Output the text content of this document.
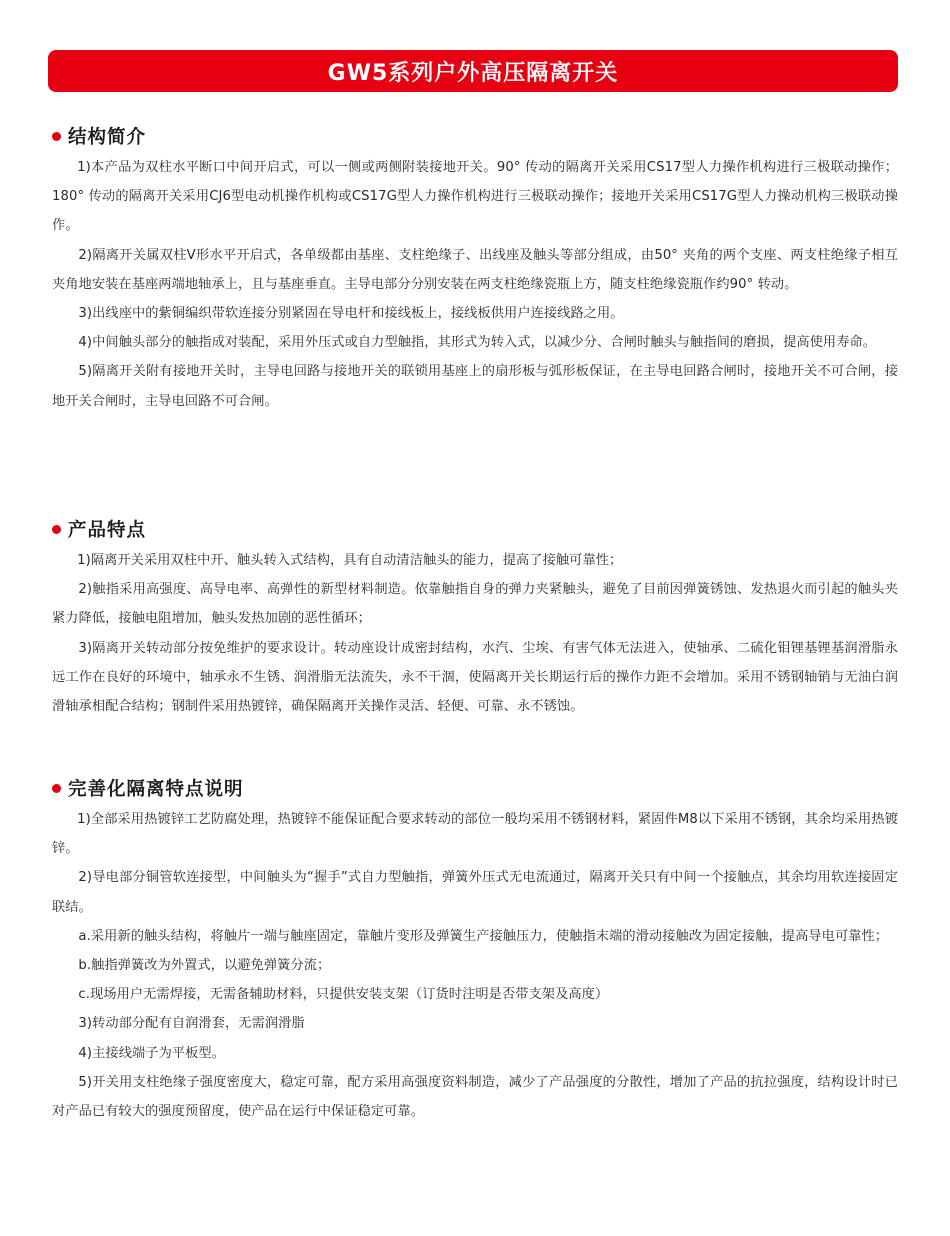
GW5系列户外高压隔离开关
结构简介

1)本产品为双柱水平断口中间开启式，可以一侧或两侧附装接地开关。90° 传动的隔离开关采用CS17型人力操作机构进行三极联动操作；180° 传动的隔离开关采用CJ6型电动机操作机构或CS17G型人力操作机构进行三极联动操作；接地开关采用CS17G型人力操动机构三极联动操作。

2)隔离开关属双柱V形水平开启式，各单级都由基座、支柱绝缘子、出线座及触头等部分组成，由50° 夹角的两个支座、两支柱绝缘子相互夹角地安装在基座两端地轴承上，且与基座垂直。主导电部分分别安装在两支柱绝缘瓷瓶上方，随支柱绝缘瓷瓶作约90° 转动。

3)出线座中的紫铜编织带软连接分别紧固在导电杆和接线板上，接线板供用户连接线路之用。

4)中间触头部分的触指成对装配，采用外压式或自力型触指，其形式为转入式，以减少分、合闸时触头与触指间的磨损，提高使用寿命。

5)隔离开关附有接地开关时，主导电回路与接地开关的联锁用基座上的扇形板与弧形板保证，在主导电回路合闸时，接地开关不可合闸，接地开关合闸时，主导电回路不可合闸。

产品特点

1)隔离开关采用双柱中开、触头转入式结构，具有自动清洁触头的能力，提高了接触可靠性；

2)触指采用高强度、高导电率、高弹性的新型材料制造。依靠触指自身的弹力夹紧触头，避免了目前因弹簧锈蚀、发热退火而引起的触头夹紧力降低，接触电阻增加，触头发热加剧的恶性循环；

3)隔离开关转动部分按免维护的要求设计。转动座设计成密封结构，水汽、尘埃、有害气体无法进入，使轴承、二硫化钼锂基锂基润滑脂永远工作在良好的环境中，轴承永不生锈、润滑脂无法流失，永不干涸，使隔离开关长期运行后的操作力距不会增加。采用不锈钢轴销与无油白润滑轴承相配合结构；钢制件采用热镀锌，确保隔离开关操作灵活、轻便、可靠、永不锈蚀。

完善化隔离特点说明

1)全部采用热镀锌工艺防腐处理，热镀锌不能保证配合要求转动的部位一般均采用不锈钢材料，紧固件M8以下采用不锈钢，其余均采用热镀锌。

2)导电部分铜管软连接型，中间触头为“握手”式自力型触指，弹簧外压式无电流通过，隔离开关只有中间一个接触点，其余均用软连接固定联结。

a.采用新的触头结构，将触片一端与触座固定，靠触片变形及弹簧生产接触压力，使触指末端的滑动接触改为固定接触，提高导电可靠性；

b.触指弹簧改为外置式，以避免弹簧分流；

c.现场用户无需焊接，无需备辅助材料，只提供安装支架（订货时注明是否带支架及高度）

3)转动部分配有自润滑套，无需润滑脂

4)主接线端子为平板型。

5)开关用支柱绝缘子强度密度大，稳定可靠，配方采用高强度资料制造，减少了产品强度的分散性，增加了产品的抗拉强度，结构设计时已对产品已有较大的强度预留度，使产品在运行中保证稳定可靠。
